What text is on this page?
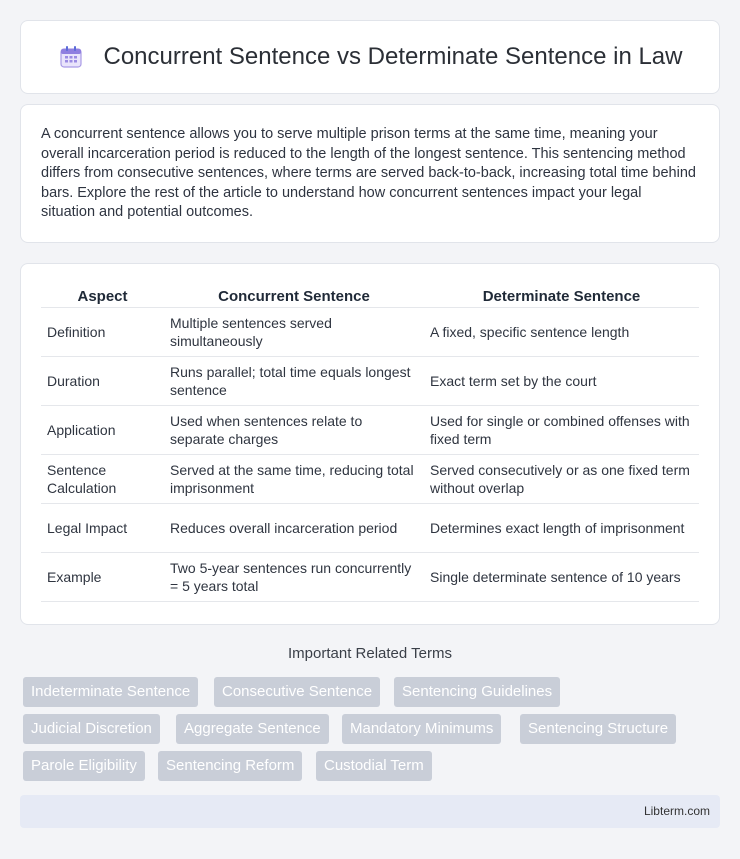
Concurrent Sentence vs Determinate Sentence in Law

A concurrent sentence allows you to serve multiple prison terms at the same time, meaning your overall incarceration period is reduced to the length of the longest sentence. This sentencing method differs from consecutive sentences, where terms are served back-to-back, increasing total time behind bars. Explore the rest of the article to understand how concurrent sentences impact your legal situation and potential outcomes.

Aspect	Concurrent Sentence	Determinate Sentence
Definition	Multiple sentences served simultaneously	A fixed, specific sentence length
Duration	Runs parallel; total time equals longest sentence	Exact term set by the court
Application	Used when sentences relate to separate charges	Used for single or combined offenses with fixed term
Sentence Calculation	Served at the same time, reducing total imprisonment	Served consecutively or as one fixed term without overlap
Legal Impact	Reduces overall incarceration period	Determines exact length of imprisonment
Example	Two 5-year sentences run concurrently = 5 years total	Single determinate sentence of 10 years
Important Related Terms
Indeterminate Sentence	Consecutive Sentence	Sentencing Guidelines
Judicial Discretion	Aggregate Sentence	Mandatory Minimums	Sentencing Structure
Parole Eligibility	Sentencing Reform	Custodial Term
Libterm.com
